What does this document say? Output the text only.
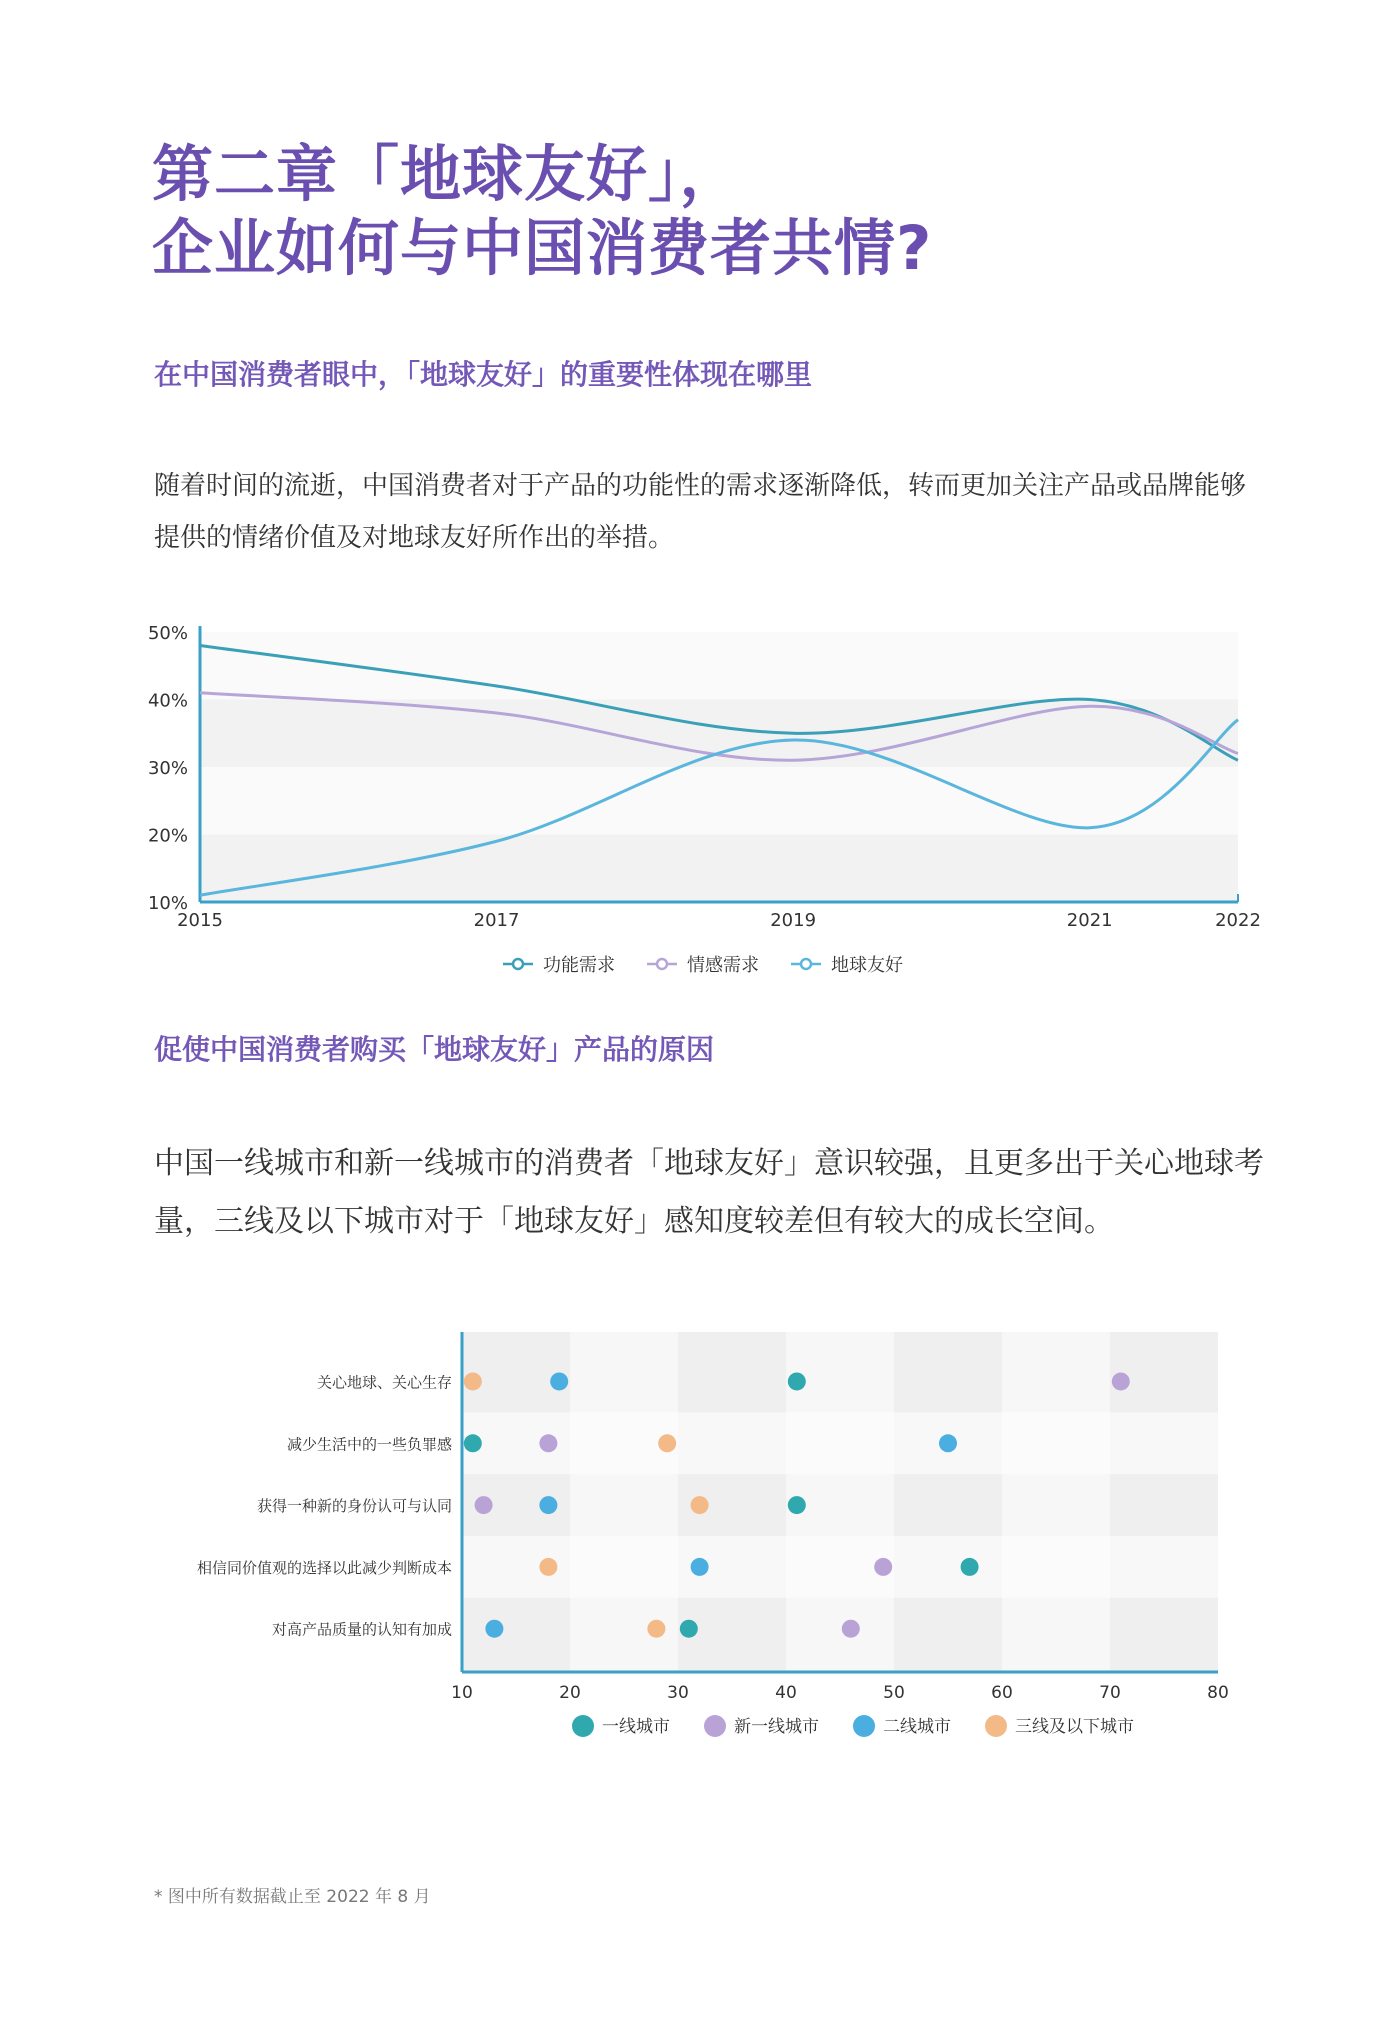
第二章「地球友好」，
企业如何与中国消费者共情?
在中国消费者眼中，「地球友好」的重要性体现在哪里
随着时间的流逝，中国消费者对于产品的功能性的需求逐渐降低，转而更加关注产品或品牌能够提供的情绪价值及对地球友好所作出的举措。
10%
20%
30%
40%
50%
2015	2017	2019	2021	2022
功能需求	情感需求	地球友好
促使中国消费者购买「地球友好」产品的原因
中国一线城市和新一线城市的消费者「地球友好」意识较强，且更多出于关心地球考量，三线及以下城市对于「地球友好」感知度较差但有较大的成长空间。
10	20	30	40	50	60	70	80
关心地球、关心生存
减少生活中的一些负罪感
获得一种新的身份认可与认同
相信同价值观的选择以此减少判断成本
对高产品质量的认知有加成
一线城市	新一线城市	二线城市	三线及以下城市
* 图中所有数据截止至 2022 年 8 月
